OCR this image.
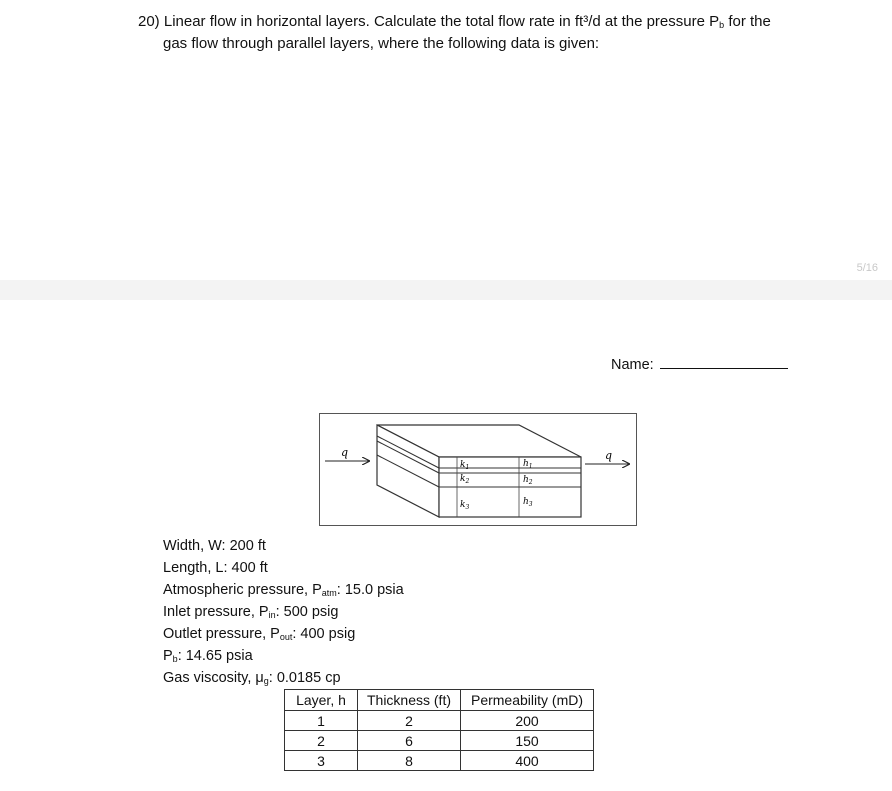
20) Linear flow in horizontal layers. Calculate the total flow rate in ft³/d at the pressure $P_b$ for the
gas flow through parallel layers, where the following data is given:
5/16
Name:
q	q
$k_1$
$k_2$
$k_3$
$h_1$
$h_2$
$h_3$
Width, W: 200 ft
Length, L: 400 ft
Atmospheric pressure, $P_{atm}$: 15.0 psia
Inlet pressure, $P_{in}$: 500 psig
Outlet pressure, $P_{out}$: 400 psig
$P_b$: 14.65 psia
Gas viscosity, $\mu_g$: 0.0185 cp
Layer, h	Thickness (ft)	Permeability (mD)
1	2	200
2	6	150
3	8	400
